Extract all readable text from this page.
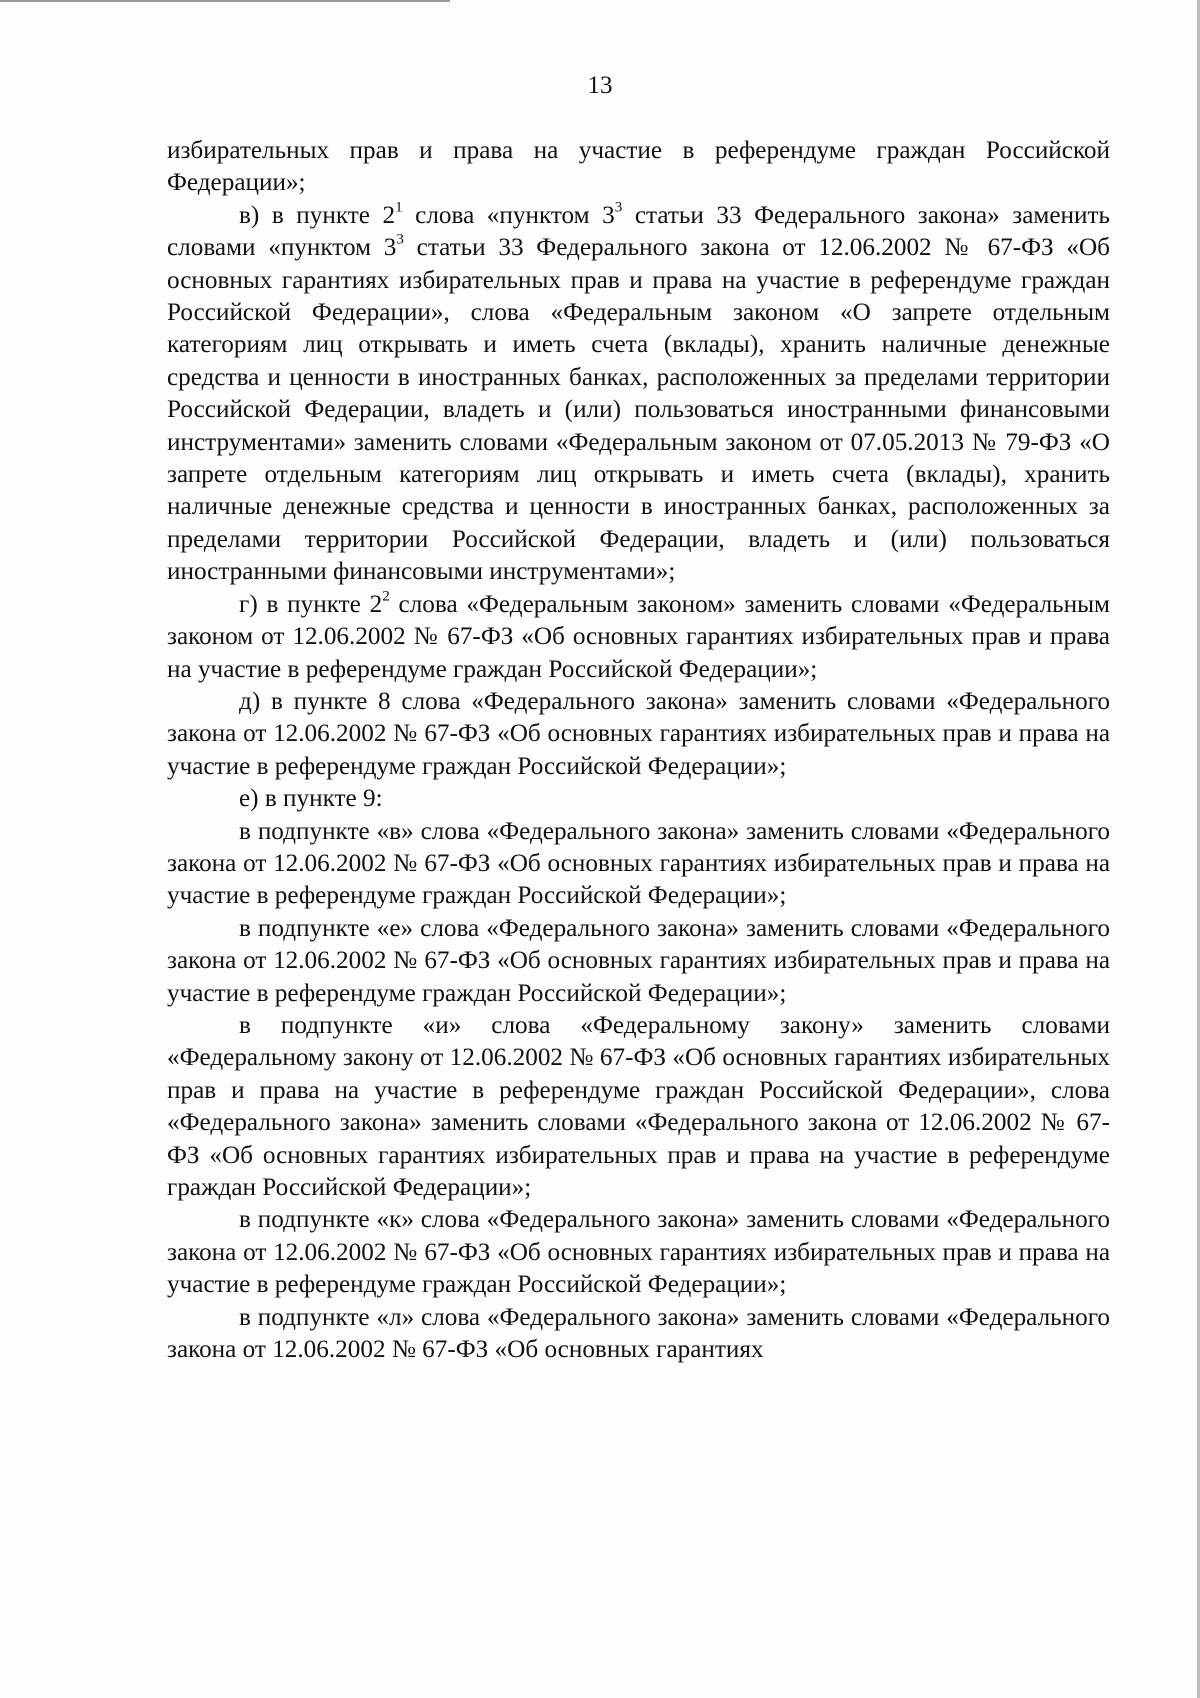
13

избирательных прав и права на участие в референдуме граждан Российской Федерации»;

в) в пункте $2^1$ слова «пунктом $3^3$ статьи 33 Федерального закона» заменить словами «пунктом $3^3$ статьи 33 Федерального закона от 12.06.2002 № 67-ФЗ «Об основных гарантиях избирательных прав и права на участие в референдуме граждан Российской Федерации», слова «Федеральным законом «О запрете отдельным категориям лиц открывать и иметь счета (вклады), хранить наличные денежные средства и ценности в иностранных банках, расположенных за пределами территории Российской Федерации, владеть и (или) пользоваться иностранными финансовыми инструментами» заменить словами «Федеральным законом от 07.05.2013 № 79-ФЗ «О запрете отдельным категориям лиц открывать и иметь счета (вклады), хранить наличные денежные средства и ценности в иностранных банках, расположенных за пределами территории Российской Федерации, владеть и (или) пользоваться иностранными финансовыми инструментами»;

г) в пункте $2^2$ слова «Федеральным законом» заменить словами «Федеральным законом от 12.06.2002 № 67-ФЗ «Об основных гарантиях избирательных прав и права на участие в референдуме граждан Российской Федерации»;

д) в пункте 8 слова «Федерального закона» заменить словами «Федерального закона от 12.06.2002 № 67-ФЗ «Об основных гарантиях избирательных прав и права на участие в референдуме граждан Российской Федерации»;

е) в пункте 9:

в подпункте «в» слова «Федерального закона» заменить словами «Федерального закона от 12.06.2002 № 67-ФЗ «Об основных гарантиях избирательных прав и права на участие в референдуме граждан Российской Федерации»;

в подпункте «е» слова «Федерального закона» заменить словами «Федерального закона от 12.06.2002 № 67-ФЗ «Об основных гарантиях избирательных прав и права на участие в референдуме граждан Российской Федерации»;

в подпункте «и» слова «Федеральному закону» заменить словами «Федеральному закону от 12.06.2002 № 67-ФЗ «Об основных гарантиях избирательных прав и права на участие в референдуме граждан Российской Федерации», слова «Федерального закона» заменить словами «Федерального закона от 12.06.2002 № 67-ФЗ «Об основных гарантиях избирательных прав и права на участие в референдуме граждан Российской Федерации»;

в подпункте «к» слова «Федерального закона» заменить словами «Федерального закона от 12.06.2002 № 67-ФЗ «Об основных гарантиях избирательных прав и права на участие в референдуме граждан Российской Федерации»;

в подпункте «л» слова «Федерального закона» заменить словами «Федерального закона от 12.06.2002 № 67-ФЗ «Об основных гарантиях
